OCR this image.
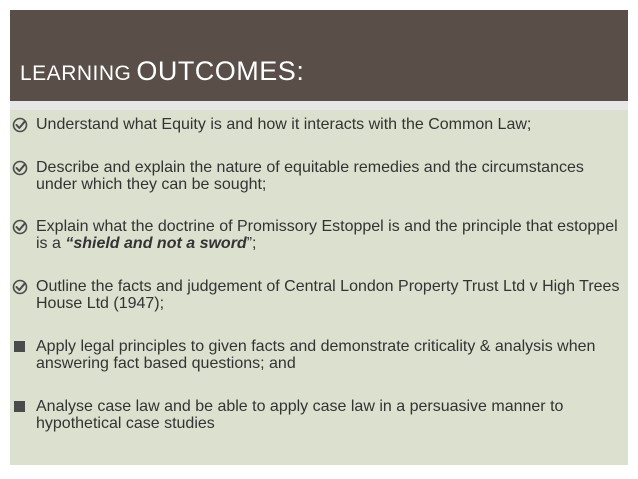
LEARNING OUTCOMES:
Understand what Equity is and how it interacts with the Common Law;
Describe and explain the nature of equitable remedies and the circumstances under which they can be sought;
Explain what the doctrine of Promissory Estoppel is and the principle that estoppel is a “shield and not a sword”;
Outline the facts and judgement of Central London Property Trust Ltd v High Trees House Ltd (1947);
Apply legal principles to given facts and demonstrate criticality & analysis when answering fact based questions; and
Analyse case law and be able to apply case law in a persuasive manner to hypothetical case studies
